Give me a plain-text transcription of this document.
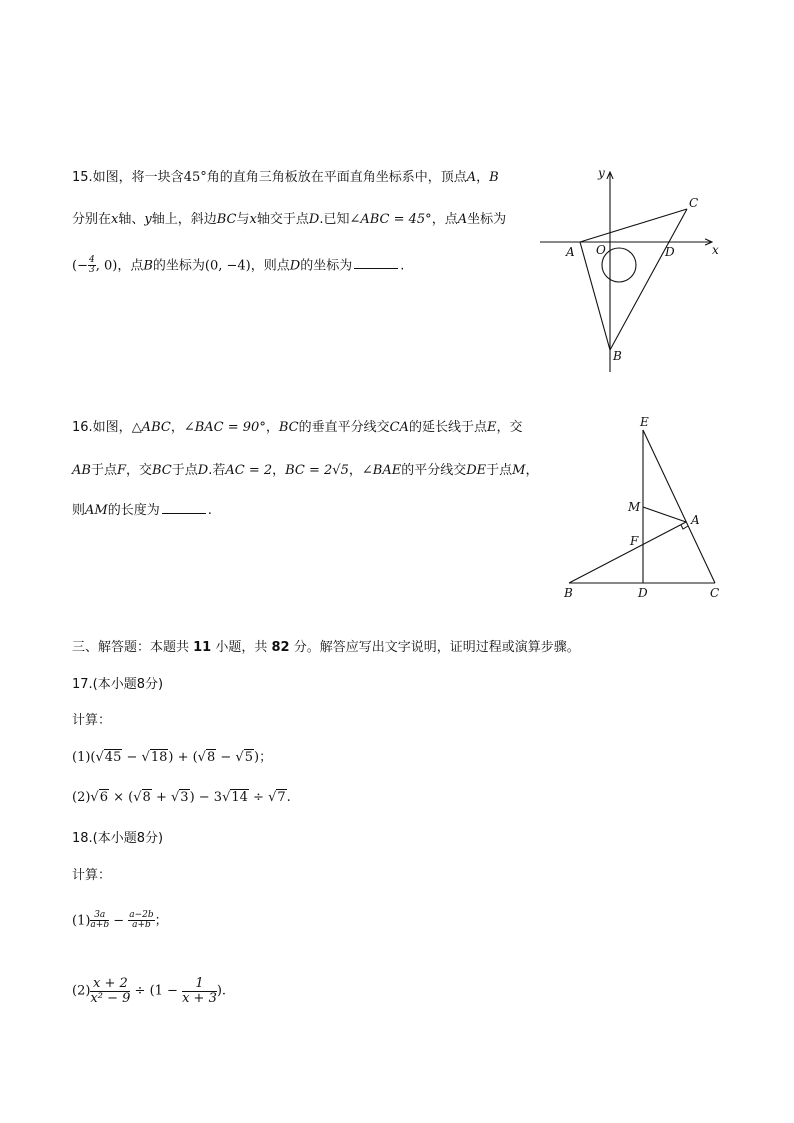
15.如图，将一块含45°角的直角三角板放在平面直角坐标系中，顶点A，B
分别在x轴、y轴上，斜边BC与x轴交于点D.已知∠ABC = 45°，点A坐标为
(− $\frac{4}{3}$ , 0)，点B的坐标为(0, −4)，则点D的坐标为	.
y
C
A O	D	x
B
16.如图，△ABC，∠BAC = 90°，BC的垂直平分线交CA的延长线于点E，交
AB于点F，交BC于点D.若AC = 2，BC = 2√5，∠BAE的平分线交DE于点M，
则AM的长度为	.
E
M
A
F
B	D	C
三、解答题：本题共 11 小题，共 82 分。解答应写出文字说明，证明过程或演算步骤。
17.(本小题8分)
计算：
(1)(√45 − √18) + (√8 − √5)；
(2)√6 × (√8 + √3) − 3√14 ÷ √7.
18.(本小题8分)
计算：
$(1) \frac{3a}{a+b} - \frac{a-2b}{a+b}$ ；
$(2) \frac{x + 2}{\text{x² − 9}} \div (1 - \frac{1}{x + 3}$ ).
